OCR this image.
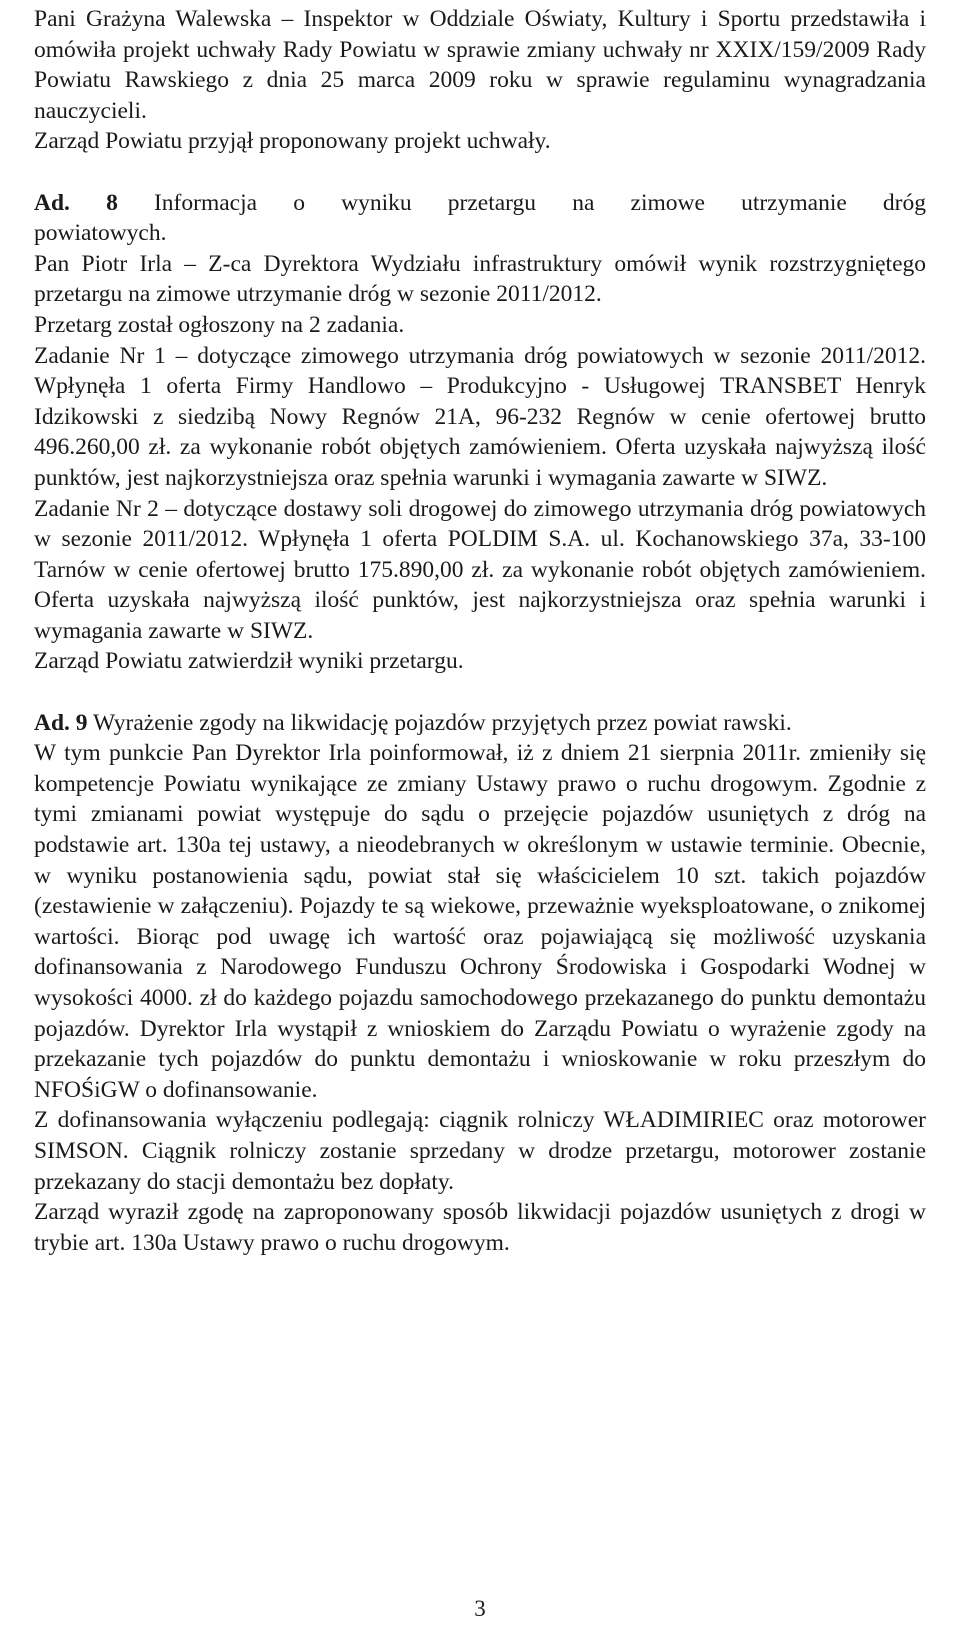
Pani Grażyna Walewska – Inspektor w Oddziale Oświaty, Kultury i Sportu przedstawiła i omówiła projekt uchwały Rady Powiatu w sprawie zmiany uchwały nr XXIX/159/2009 Rady Powiatu Rawskiego z dnia 25 marca 2009 roku w sprawie regulaminu wynagradzania nauczycieli.

Zarząd Powiatu przyjął proponowany projekt uchwały.

Ad. 8 Informacja o wyniku przetargu na zimowe utrzymanie dróg

powiatowych.

Pan Piotr Irla – Z-ca Dyrektora Wydziału infrastruktury omówił wynik rozstrzygniętego przetargu na zimowe utrzymanie dróg w sezonie 2011/2012.

Przetarg został ogłoszony na 2 zadania.

Zadanie Nr 1 – dotyczące zimowego utrzymania dróg powiatowych w sezonie 2011/2012. Wpłynęła 1 oferta Firmy Handlowo – Produkcyjno - Usługowej TRANSBET Henryk Idzikowski z siedzibą Nowy Regnów 21A, 96-232 Regnów w cenie ofertowej brutto 496.260,00 zł. za wykonanie robót objętych zamówieniem. Oferta uzyskała najwyższą ilość punktów, jest najkorzystniejsza oraz spełnia warunki i wymagania zawarte w SIWZ.

Zadanie Nr 2 – dotyczące dostawy soli drogowej do zimowego utrzymania dróg powiatowych w sezonie 2011/2012. Wpłynęła 1 oferta POLDIM S.A. ul. Kochanowskiego 37a, 33-100 Tarnów w cenie ofertowej brutto 175.890,00 zł. za wykonanie robót objętych zamówieniem. Oferta uzyskała najwyższą ilość punktów, jest najkorzystniejsza oraz spełnia warunki i wymagania zawarte w SIWZ.

Zarząd Powiatu zatwierdził wyniki przetargu.

Ad. 9 Wyrażenie zgody na likwidację pojazdów przyjętych przez powiat rawski.

W tym punkcie Pan Dyrektor Irla poinformował, iż z dniem 21 sierpnia 2011r. zmieniły się kompetencje Powiatu wynikające ze zmiany Ustawy prawo o ruchu drogowym. Zgodnie z tymi zmianami powiat występuje do sądu o przejęcie pojazdów usuniętych z dróg na podstawie art. 130a tej ustawy, a nieodebranych w określonym w ustawie terminie. Obecnie, w wyniku postanowienia sądu, powiat stał się właścicielem 10 szt. takich pojazdów (zestawienie w załączeniu). Pojazdy te są wiekowe, przeważnie wyeksploatowane, o znikomej wartości. Biorąc pod uwagę ich wartość oraz pojawiającą się możliwość uzyskania dofinansowania z Narodowego Funduszu Ochrony Środowiska i Gospodarki Wodnej w wysokości 4000. zł do każdego pojazdu samochodowego przekazanego do punktu demontażu pojazdów. Dyrektor Irla wystąpił z wnioskiem do Zarządu Powiatu o wyrażenie zgody na przekazanie tych pojazdów do punktu demontażu i wnioskowanie w roku przeszłym do NFOŚiGW o dofinansowanie.

Z dofinansowania wyłączeniu podlegają: ciągnik rolniczy WŁADIMIRIEC oraz motorower SIMSON. Ciągnik rolniczy zostanie sprzedany w drodze przetargu, motorower zostanie przekazany do stacji demontażu bez dopłaty.

Zarząd wyraził zgodę na zaproponowany sposób likwidacji pojazdów usuniętych z drogi w trybie art. 130a Ustawy prawo o ruchu drogowym.

3
